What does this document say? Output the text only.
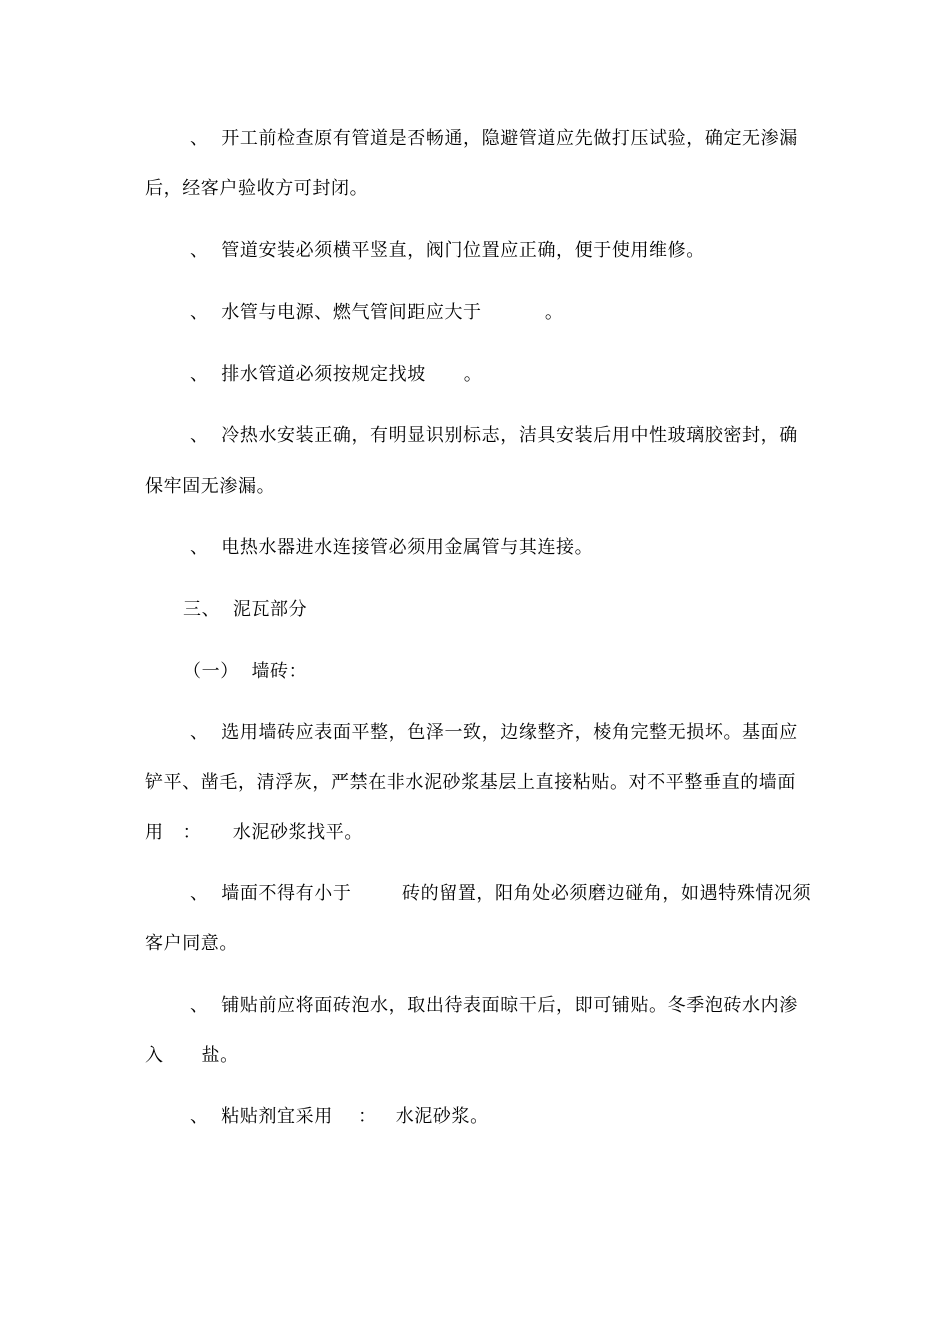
、  开工前检查原有管道是否畅通，隐避管道应先做打压试验，确定无渗漏
后，经客户验收方可封闭。
、  管道安装必须横平竖直，阀门位置应正确，便于使用维修。
、  水管与电源、燃气管间距应大于          。
、  排水管道必须按规定找坡      。
、  冷热水安装正确，有明显识别标志，洁具安装后用中性玻璃胶密封，确
保牢固无渗漏。
、  电热水器进水连接管必须用金属管与其连接。
三、  泥瓦部分
（一）  墙砖：
、  选用墙砖应表面平整，色泽一致，边缘整齐，棱角完整无损坏。基面应
铲平、凿毛，清浮灰，严禁在非水泥砂浆基层上直接粘贴。对不平整垂直的墙面
用   ：     水泥砂浆找平。
、  墙面不得有小于        砖的留置，阳角处必须磨边碰角，如遇特殊情况须
客户同意。
、  铺贴前应将面砖泡水，取出待表面晾干后，即可铺贴。冬季泡砖水内渗
入      盐。
、  粘贴剂宜采用    ：   水泥砂浆。
